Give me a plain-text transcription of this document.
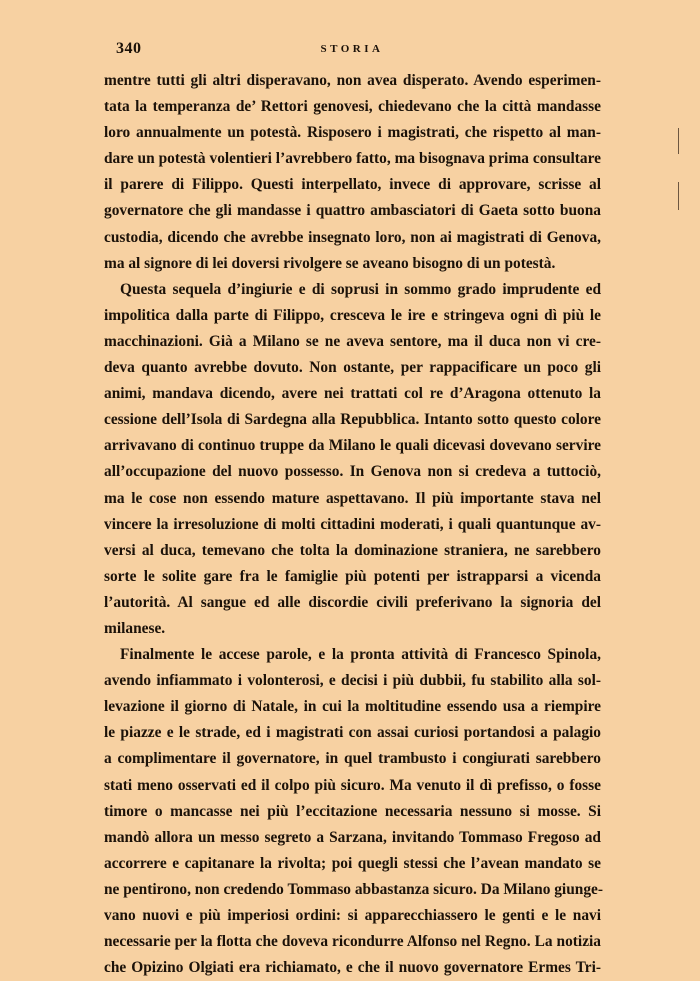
340	STORIA
mentre tutti gli altri disperavano, non avea disperato. Avendo esperimen-
tata la temperanza de’ Rettori genovesi, chiedevano che la città mandasse
loro annualmente un potestà. Risposero i magistrati, che rispetto al man-
dare un potestà volentieri l’avrebbero fatto, ma bisognava prima consultare
il parere di Filippo. Questi interpellato, invece di approvare, scrisse al
governatore che gli mandasse i quattro ambasciatori di Gaeta sotto buona
custodia, dicendo che avrebbe insegnato loro, non ai magistrati di Genova,
ma al signore di lei doversi rivolgere se aveano bisogno di un potestà.
Questa sequela d’ingiurie e di soprusi in sommo grado imprudente ed
impolitica dalla parte di Filippo, cresceva le ire e stringeva ogni dì più le
macchinazioni. Già a Milano se ne aveva sentore, ma il duca non vi cre-
deva quanto avrebbe dovuto. Non ostante, per rappacificare un poco gli
animi, mandava dicendo, avere nei trattati col re d’Aragona ottenuto la
cessione dell’Isola di Sardegna alla Repubblica. Intanto sotto questo colore
arrivavano di continuo truppe da Milano le quali dicevasi dovevano servire
all’occupazione del nuovo possesso. In Genova non si credeva a tuttociò,
ma le cose non essendo mature aspettavano. Il più importante stava nel
vincere la irresoluzione di molti cittadini moderati, i quali quantunque av-
versi al duca, temevano che tolta la dominazione straniera, ne sarebbero
sorte le solite gare fra le famiglie più potenti per istrapparsi a vicenda
l’autorità. Al sangue ed alle discordie civili preferivano la signoria del
milanese.
Finalmente le accese parole, e la pronta attività di Francesco Spinola,
avendo infiammato i volonterosi, e decisi i più dubbii, fu stabilito alla sol-
levazione il giorno di Natale, in cui la moltitudine essendo usa a riempire
le piazze e le strade, ed i magistrati con assai curiosi portandosi a palagio
a complimentare il governatore, in quel trambusto i congiurati sarebbero
stati meno osservati ed il colpo più sicuro. Ma venuto il dì prefisso, o fosse
timore o mancasse nei più l’eccitazione necessaria nessuno si mosse. Si
mandò allora un messo segreto a Sarzana, invitando Tommaso Fregoso ad
accorrere e capitanare la rivolta; poi quegli stessi che l’avean mandato se
ne pentirono, non credendo Tommaso abbastanza sicuro. Da Milano giunge-
vano nuovi e più imperiosi ordini: si apparecchiassero le genti e le navi
necessarie per la flotta che doveva ricondurre Alfonso nel Regno. La notizia
che Opizino Olgiati era richiamato, e che il nuovo governatore Ermes Tri-
